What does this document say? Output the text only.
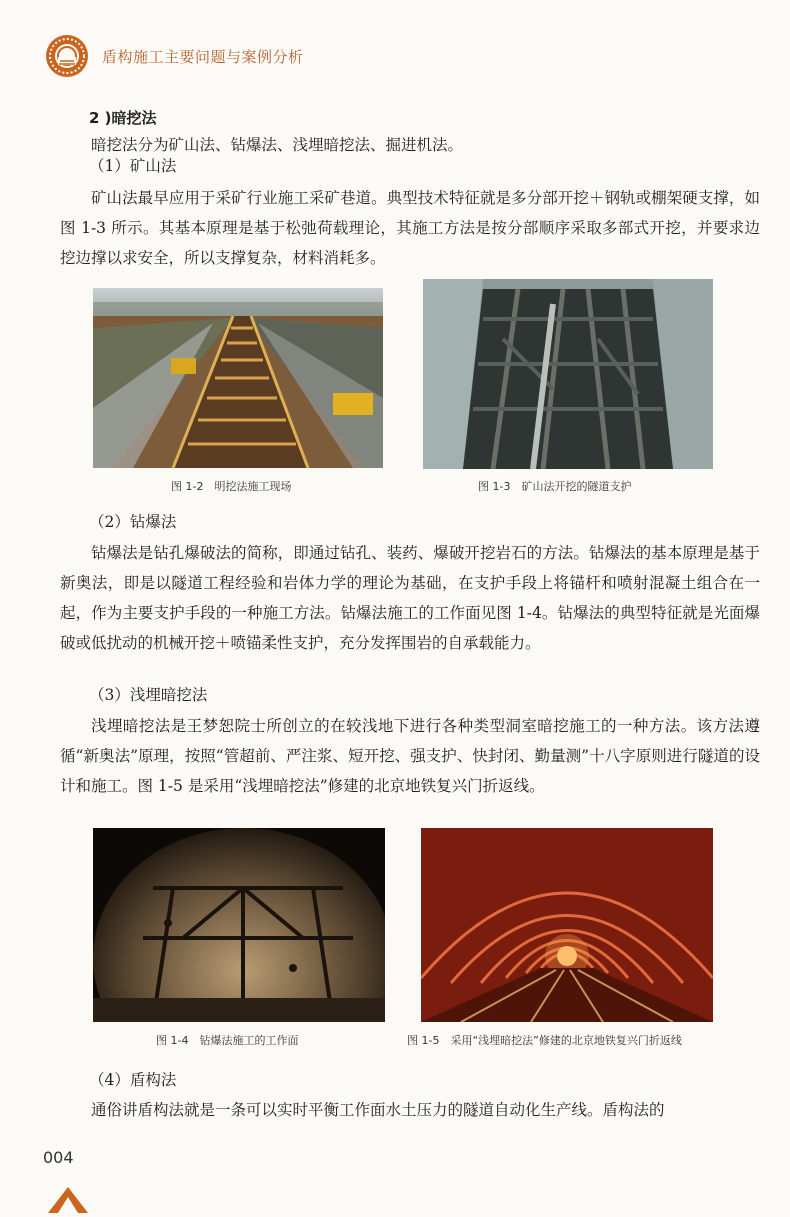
盾构施工主要问题与案例分析
2 )暗挖法
暗挖法分为矿山法、钻爆法、浅埋暗挖法、掘进机法。
（1）矿山法
矿山法最早应用于采矿行业施工采矿巷道。典型技术特征就是多分部开挖＋钢轨或棚架硬支撑，如图 1-3 所示。其基本原理是基于松弛荷载理论，其施工方法是按分部顺序采取多部式开挖，并要求边挖边撑以求安全，所以支撑复杂，材料消耗多。
图 1-2　明挖法施工现场	图 1-3　矿山法开挖的隧道支护
（2）钻爆法
钻爆法是钻孔爆破法的简称，即通过钻孔、装药、爆破开挖岩石的方法。钻爆法的基本原理是基于新奥法，即是以隧道工程经验和岩体力学的理论为基础，在支护手段上将锚杆和喷射混凝土组合在一起，作为主要支护手段的一种施工方法。钻爆法施工的工作面见图 1-4。钻爆法的典型特征就是光面爆破或低扰动的机械开挖＋喷锚柔性支护，充分发挥围岩的自承载能力。
（3）浅埋暗挖法
浅埋暗挖法是王梦恕院士所创立的在较浅地下进行各种类型洞室暗挖施工的一种方法。该方法遵循“新奥法”原理，按照“管超前、严注浆、短开挖、强支护、快封闭、勤量测”十八字原则进行隧道的设计和施工。图 1-5 是采用“浅埋暗挖法”修建的北京地铁复兴门折返线。
图 1-4　钻爆法施工的工作面	图 1-5　采用“浅埋暗挖法”修建的北京地铁复兴门折返线
（4）盾构法
通俗讲盾构法就是一条可以实时平衡工作面水土压力的隧道自动化生产线。盾构法的
004
